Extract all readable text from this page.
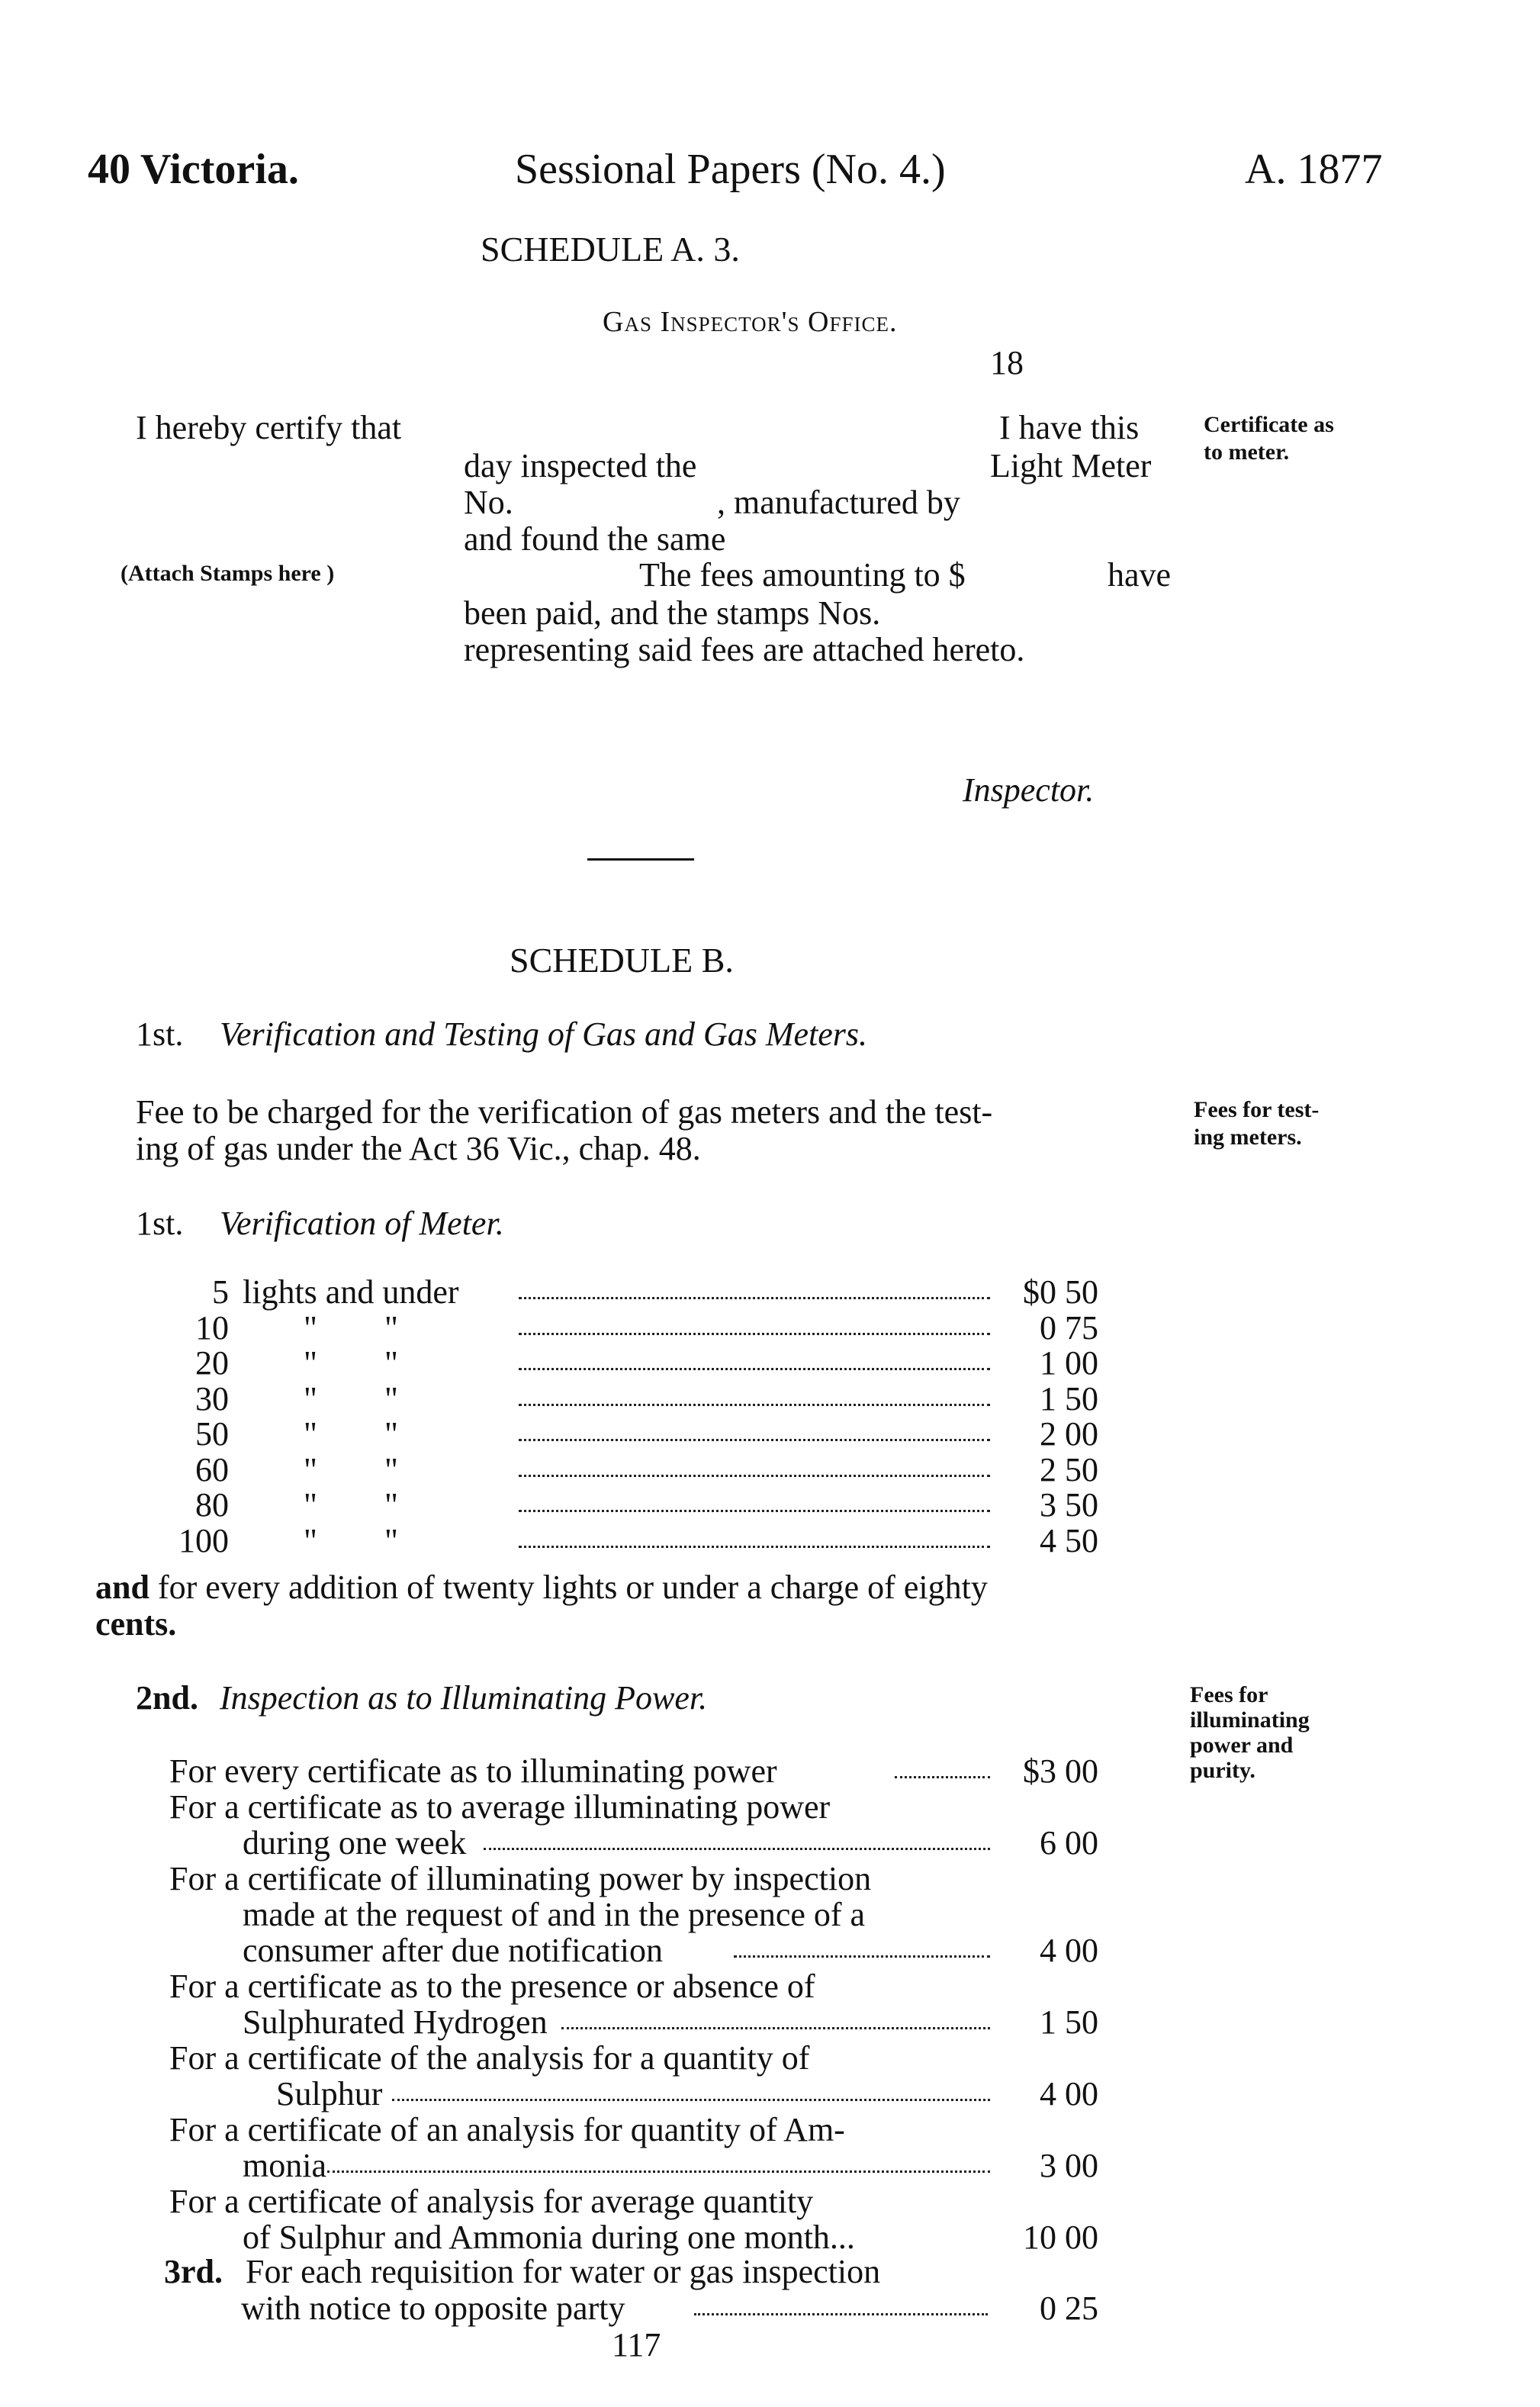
40 Victoria.	Sessional Papers (No. 4.)	A. 1877
SCHEDULE A. 3.
Gas Inspector's Office.
18
I hereby certify that	I have this	Certificate as
to meter.
day inspected the	Light Meter
No.	, manufactured by
and found the same
(Attach Stamps here )	The fees amounting to $	have
been paid, and the stamps Nos.
representing said fees are attached hereto.
Inspector.
SCHEDULE B.
1st. Verification and Testing of Gas and Gas Meters.
Fee to be charged for the verification of gas meters and the test-
ing of gas under the Act 36 Vic., chap. 48.
Fees for test-
ing meters.
1st. Verification of Meter.
5 lights and under	$0 50
10 "        "	0 75
20 "        "	1 00
30 "        "	1 50
50 "        "	2 00
60 "        "	2 50
80 "        "	3 50
100 "        "	4 50
and for every addition of twenty lights or under a charge of eighty
cents.
2nd. Inspection as to Illuminating Power.	Fees for
illuminating
power and
purity.
For every certificate as to illuminating power	$3 00
For a certificate as to average illuminating power
during one week	6 00
For a certificate of illuminating power by inspection
made at the request of and in the presence of a
consumer after due notification	4 00
For a certificate as to the presence or absence of
Sulphurated Hydrogen	1 50
For a certificate of the analysis for a quantity of
Sulphur	4 00
For a certificate of an analysis for quantity of Am-
monia	3 00
For a certificate of analysis for average quantity
of Sulphur and Ammonia during one month...	10 00
3rd. For each requisition for water or gas inspection
with notice to opposite party	0 25
117
